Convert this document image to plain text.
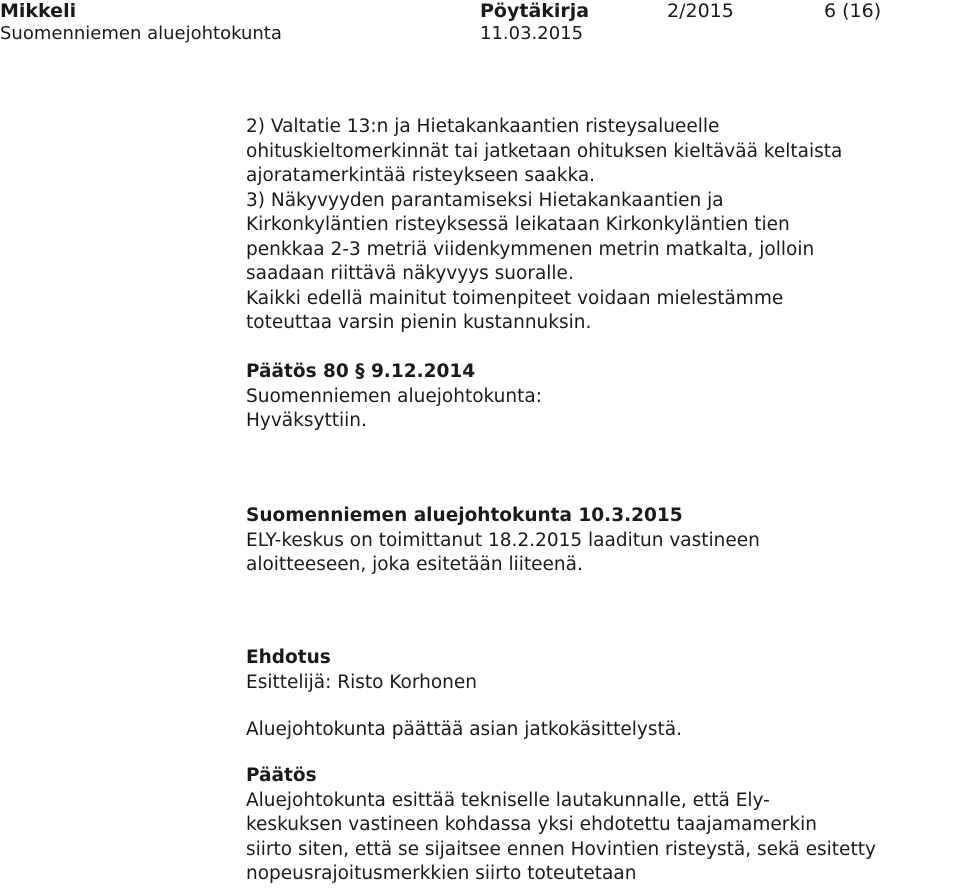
Mikkeli
Suomenniemen aluejohtokunta
Pöytäkirja
11.03.2015
2/2015	6 (16)

2) Valtatie 13:n ja Hietakankaantien risteysalueelle

ohituskieltomerkinnät tai jatketaan ohituksen kieltävää keltaista

ajoratamerkintää risteykseen saakka.

3) Näkyvyyden parantamiseksi Hietakankaantien ja

Kirkonkyläntien risteyksessä leikataan Kirkonkyläntien tien

penkkaa 2-3 metriä viidenkymmenen metrin matkalta, jolloin

saadaan riittävä näkyvyys suoralle.

Kaikki edellä mainitut toimenpiteet voidaan mielestämme

toteuttaa varsin pienin kustannuksin.

Päätös 80 § 9.12.2014

Suomenniemen aluejohtokunta:

Hyväksyttiin.

Suomenniemen aluejohtokunta 10.3.2015

ELY-keskus on toimittanut 18.2.2015 laaditun vastineen

aloitteeseen, joka esitetään liiteenä.

Ehdotus

Esittelijä: Risto Korhonen

Aluejohtokunta päättää asian jatkokäsittelystä.

Päätös

Aluejohtokunta esittää tekniselle lautakunnalle, että Ely-

keskuksen vastineen kohdassa yksi ehdotettu taajamamerkin

siirto siten, että se sijaitsee ennen Hovintien risteystä, sekä esitetty

nopeusrajoitusmerkkien siirto toteutetaan
